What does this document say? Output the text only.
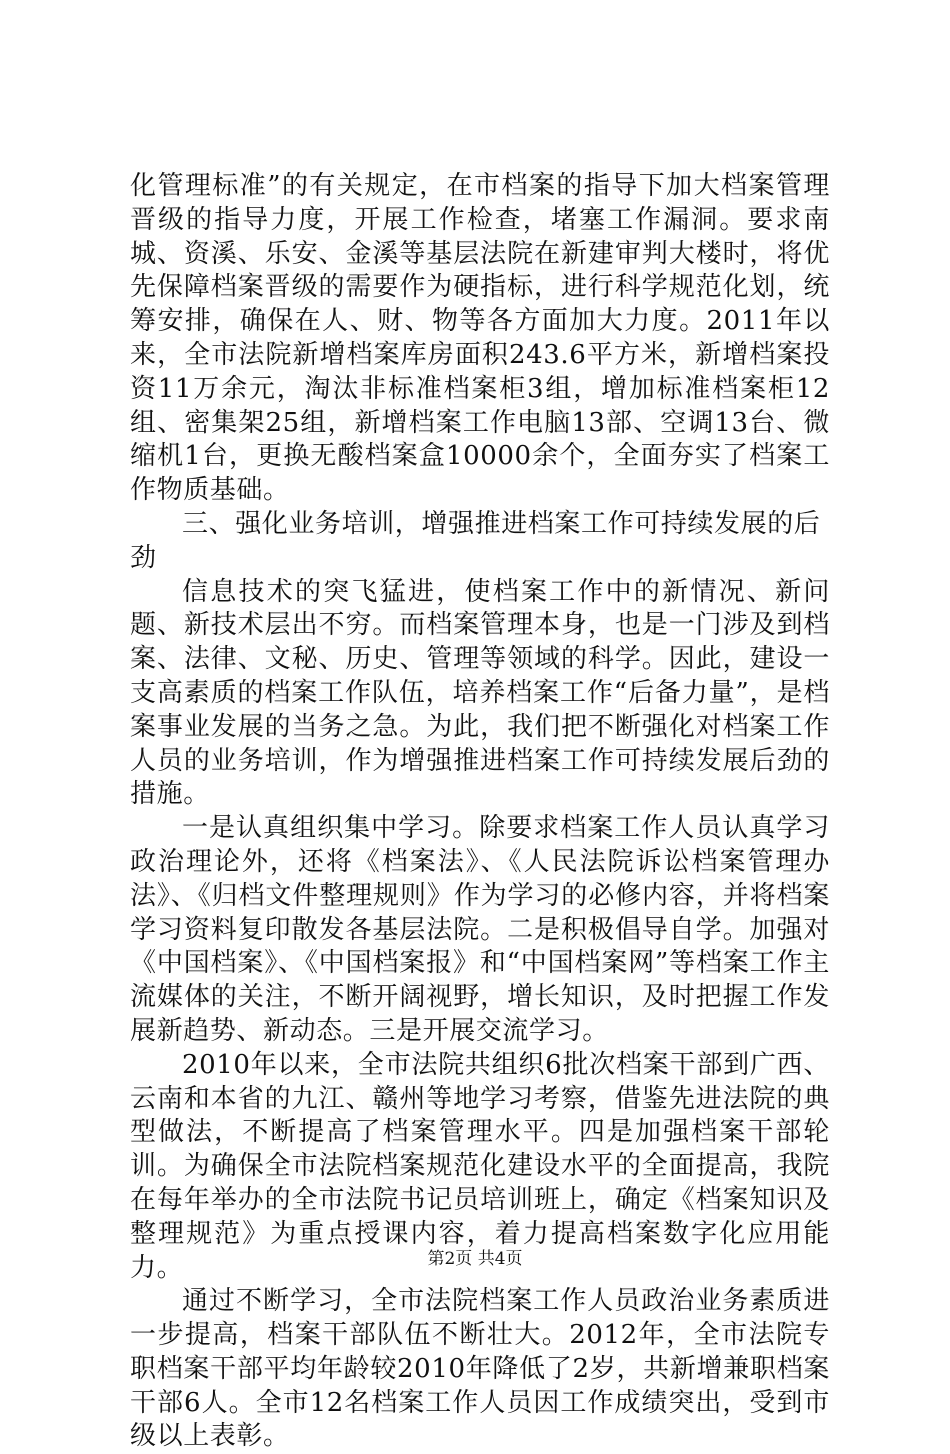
化管理标准”的有关规定，在市档案的指导下加大档案管理晋级的指导力度，开展工作检查，堵塞工作漏洞。要求南城、资溪、乐安、金溪等基层法院在新建审判大楼时，将优先保障档案晋级的需要作为硬指标，进行科学规范化划，统筹安排，确保在人、财、物等各方面加大力度。2011年以来，全市法院新增档案库房面积243.6平方米，新增档案投资11万余元，淘汰非标准档案柜3组，增加标准档案柜12组、密集架25组，新增档案工作电脑13部、空调13台、微缩机1台，更换无酸档案盒10000余个，全面夯实了档案工作物质基础。

三、强化业务培训，增强推进档案工作可持续发展的后劲

信息技术的突飞猛进，使档案工作中的新情况、新问题、新技术层出不穷。而档案管理本身，也是一门涉及到档案、法律、文秘、历史、管理等领域的科学。因此，建设一支高素质的档案工作队伍，培养档案工作“后备力量”，是档案事业发展的当务之急。为此，我们把不断强化对档案工作人员的业务培训，作为增强推进档案工作可持续发展后劲的措施。

一是认真组织集中学习。除要求档案工作人员认真学习政治理论外，还将《档案法》、《人民法院诉讼档案管理办法》、《归档文件整理规则》作为学习的必修内容，并将档案学习资料复印散发各基层法院。二是积极倡导自学。加强对《中国档案》、《中国档案报》和“中国档案网”等档案工作主流媒体的关注，不断开阔视野，增长知识，及时把握工作发展新趋势、新动态。三是开展交流学习。

2010年以来，全市法院共组织6批次档案干部到广西、云南和本省的九江、赣州等地学习考察，借鉴先进法院的典型做法，不断提高了档案管理水平。四是加强档案干部轮训。为确保全市法院档案规范化建设水平的全面提高，我院在每年举办的全市法院书记员培训班上，确定《档案知识及整理规范》为重点授课内容，着力提高档案数字化应用能力。

通过不断学习，全市法院档案工作人员政治业务素质进一步提高，档案干部队伍不断壮大。2012年，全市法院专职档案干部平均年龄较2010年降低了2岁，共新增兼职档案干部6人。全市12名档案工作人员因工作成绩突出，受到市级以上表彰。

第2页 共4页
